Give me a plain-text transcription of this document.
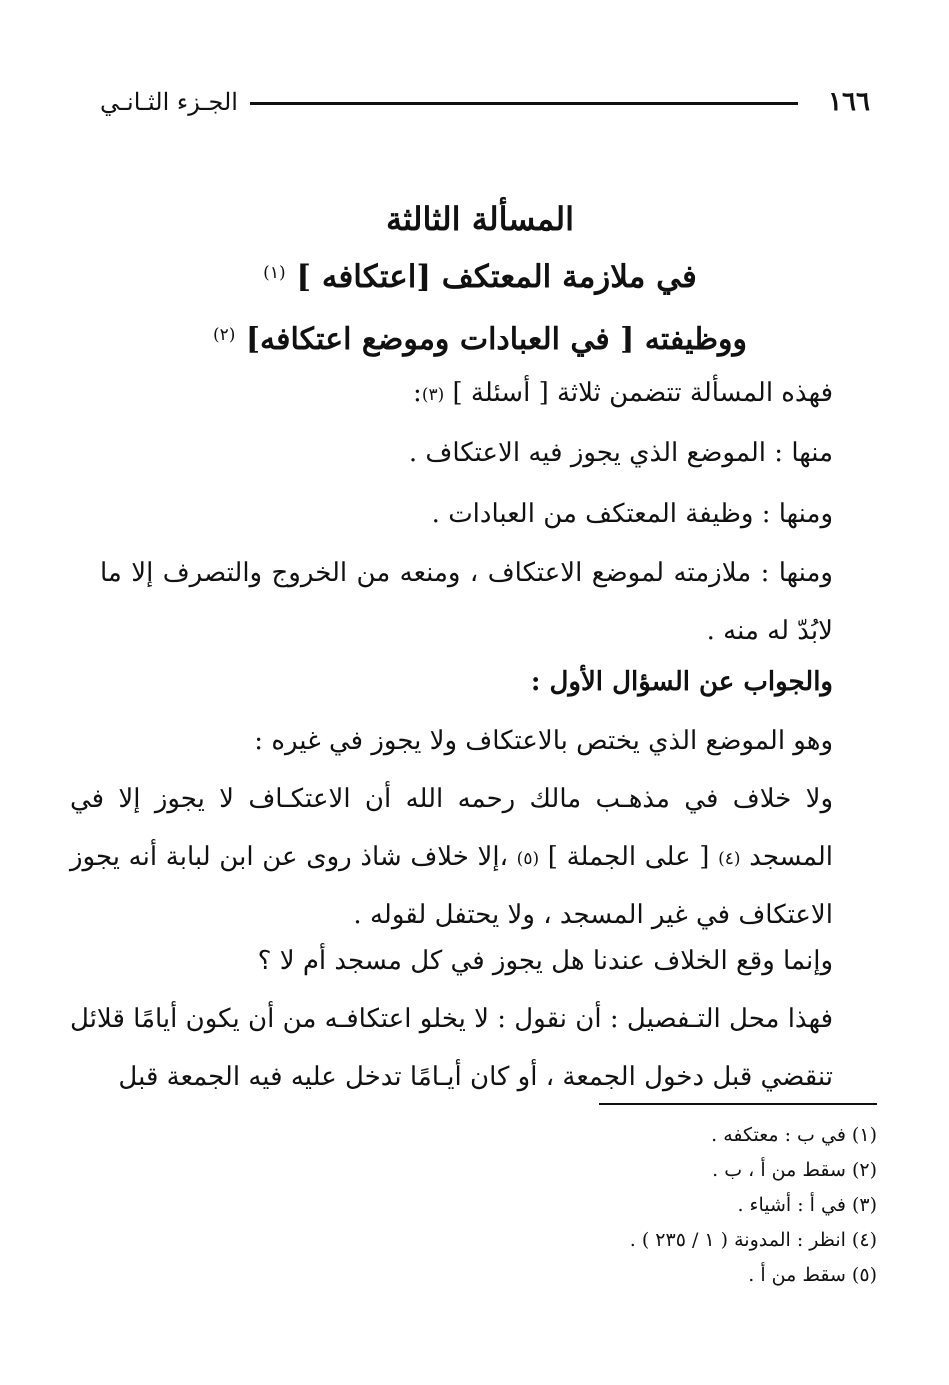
١٦٦
الجـزء الثـانـي
المسألة الثالثة
في ملازمة المعتكف [اعتكافه ] (١)
ووظيفته [ في العبادات وموضع اعتكافه] $^{(٢)}$
فهذه المسألة تتضمن ثلاثة [ أسئلة ] $^{(٣)}$:
منها : الموضع الذي يجوز فيه الاعتكاف .
ومنها : وظيفة المعتكف من العبادات .
ومنها : ملازمته لموضع الاعتكاف ، ومنعه من الخروج والتصرف إلا ما لابُدّ له منه .
والجواب عن السؤال الأول :
وهو الموضع الذي يختص بالاعتكاف ولا يجوز في غيره :
ولا خلاف في مذهـب مالك رحمه الله أن الاعتكـاف لا يجوز إلا في المسجد $^{(٤)}$ [ على الجملة ] $^{(٥)}$ ،إلا خلاف شاذ روى عن ابن لبابة أنه يجوز الاعتكاف في غير المسجد ، ولا يحتفل لقوله .
وإنما وقع الخلاف عندنا هل يجوز في كل مسجد أم لا ؟
فهذا محل التـفصيل : أن نقول : لا يخلو اعتكافـه من أن يكون أيامًا قلائل تنقضي قبل دخول الجمعة ، أو كان أيـامًا تدخل عليه فيه الجمعة قبل
(١) في ب : معتكفه .
(٢) سقط من أ ، ب .
(٣) في أ : أشياء .
(٤) انظر : المدونة ( ١ / ٢٣٥ ) .
(٥) سقط من أ .
